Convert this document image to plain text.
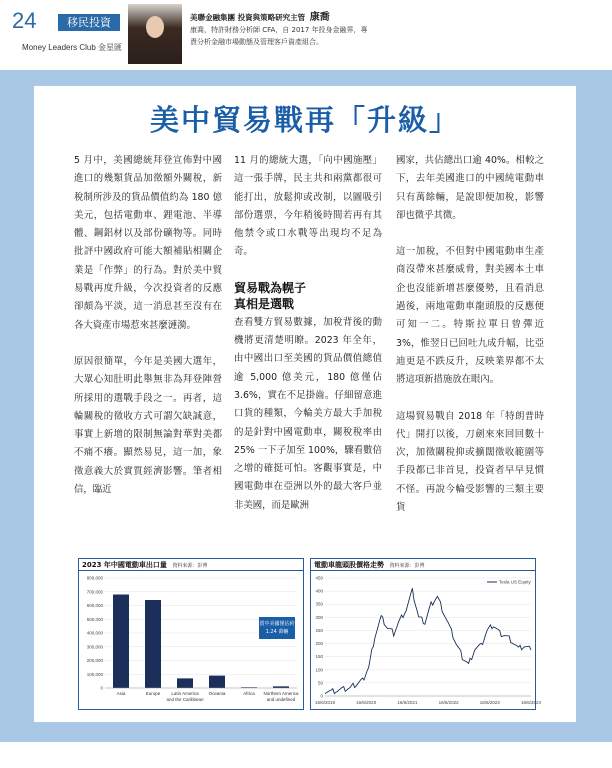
24	移民投資
Money Leaders Club 金星匯
美聯金融集團 投資與策略研究主管 康喬
康喬，特許財務分析師 CFA，自 2017 年投身金融界，專責分析金融市場動態及管理客戶資產組合。
美中貿易戰再「升級」

5 月中，美國總統拜登宣佈對中國進口的幾類貨品加徵額外關稅，新稅制所涉及的貨品價值約為 180 億美元，包括電動車、鋰電池、半導體、鋼鋁材以及部份礦物等。同時批評中國政府可能大額補貼相關企業是「作弊」的行為。對於美中貿易戰再度升級，今次投資者的反應卻頗為平淡，這一消息甚至沒有在各大資產市場惹來甚麼漣漪。

原因很簡單，今年是美國大選年，大眾心知肚明此舉無非為拜登陣營所採用的選戰手段之一。再者，這輪關稅的徵收方式可謂欠缺誠意，事實上新增的限制無論對華對美都不痛不癢。顯然易見，這一加，象徵意義大於實質經濟影響。筆者相信，臨近

11 月的總統大選，「向中國施壓」這一張手牌，民主共和兩黨都很可能打出，放鬆抑或改制，以圖吸引部份選票，今年稍後時間若再有其他禁令或口水戰等出現均不足為奇。

貿易戰為幌子
真相是選戰

查看雙方貿易數據，加稅背後的動機將更清楚明瞭。2023 年全年，由中國出口至美國的貨品價值總值逾 5,000 億美元，180 億僅佔 3.6%，實在不足掛齒。仔細留意進口貨的種類，今輪美方最大手加稅的是針對中國電動車，關稅稅率由 25% 一下子加至 100%，驟看數倍之增的確挺可怕。客觀事實是，中國電動車在亞洲以外的最大客戶並非美國，而是歐洲

國家，共佔總出口逾 40%。相較之下，去年美國進口的中國純電動車只有萬餘輛，是說即便加稅，影響卻也微乎其微。

這一加稅，不但對中國電動車生產商沒帶來甚麼威脅，對美國本土車企也沒能新增甚麼優勢，且看消息過後，兩地電動車龍頭股的反應便可知一二。特斯拉單日曾彈近 3%，惟翌日已回吐九成升幅，比亞迪更是不跌反升，反映業界都不太將這項新措施放在眼內。

這場貿易戰自 2018 年「特朗普時代」開打以後，刀劍來來回回數十次，加徵關稅抑或擴闊徵收範圍等手段都已非首見，投資者早早見慣不怪。再說今輪受影響的三類主要貨

2023 年中國電動車出口量 資料來源：彭博
0
100,000
200,000
300,000
400,000
500,000
600,000
700,000
800,000
Asia	Europe Latin America
and the Caribbean
Oceania	Africa Northern America
and undefined
當中美國僅佔約 1.24 萬輛
電動車龍頭股價格走勢 資料來源：彭博
0
50
100
150
200
250
300
350
400
450
16/6/2019	16/6/2020	16/6/2021	16/6/2022	16/6/2023	16/6/2024
Tesla US Equity
